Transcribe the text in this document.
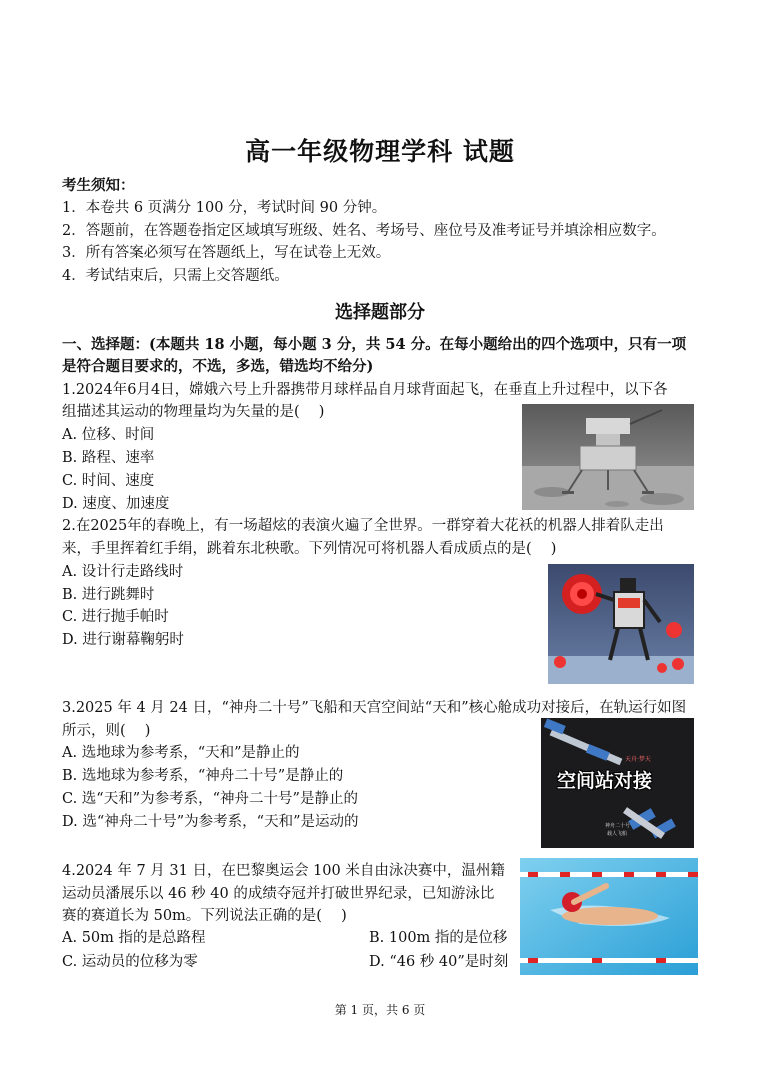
高一年级物理学科 试题
考生须知：
1．本卷共 6 页满分 100 分，考试时间 90 分钟。
2．答题前，在答题卷指定区域填写班级、姓名、考场号、座位号及准考证号并填涂相应数字。
3．所有答案必须写在答题纸上，写在试卷上无效。
4．考试结束后，只需上交答题纸。
选择题部分
一、选择题：(本题共 18 小题，每小题 3 分，共 54 分。在每小题给出的四个选项中，只有一项
是符合题目要求的，不选，多选，错选均不给分)
1.2024年6月4日，嫦娥六号上升器携带月球样品自月球背面起飞，在垂直上升过程中，以下各
组描述其运动的物理量均为矢量的是(　 )
A. 位移、时间
B. 路程、速率
C. 时间、速度
D. 速度、加速度
2.在2025年的春晚上，有一场超炫的表演火遍了全世界。一群穿着大花袄的机器人排着队走出
来，手里挥着红手绢，跳着东北秧歌。下列情况可将机器人看成质点的是(　 )
A. 设计行走路线时
B. 进行跳舞时
C. 进行抛手帕时
D. 进行谢幕鞠躬时
3.2025 年 4 月 24 日，“神舟二十号”飞船和天宫空间站“天和”核心舱成功对接后，在轨运行如图
所示，则(　 )
A. 选地球为参考系，“天和”是静止的
B. 选地球为参考系，“神舟二十号”是静止的
C. 选“天和”为参考系，“神舟二十号”是静止的
D. 选“神舟二十号”为参考系，“天和”是运动的
空间站对接
天舟·梦天
神舟二十号
载人飞船
4.2024 年 7 月 31 日，在巴黎奥运会 100 米自由泳决赛中，温州籍
运动员潘展乐以 46 秒 40 的成绩夺冠并打破世界纪录，已知游泳比
赛的赛道长为 50m。下列说法正确的是(　 )
A. 50m 指的是总路程	B. 100m 指的是位移
C. 运动员的位移为零	D. “46 秒 40”是时刻
第 1 页，共 6 页
